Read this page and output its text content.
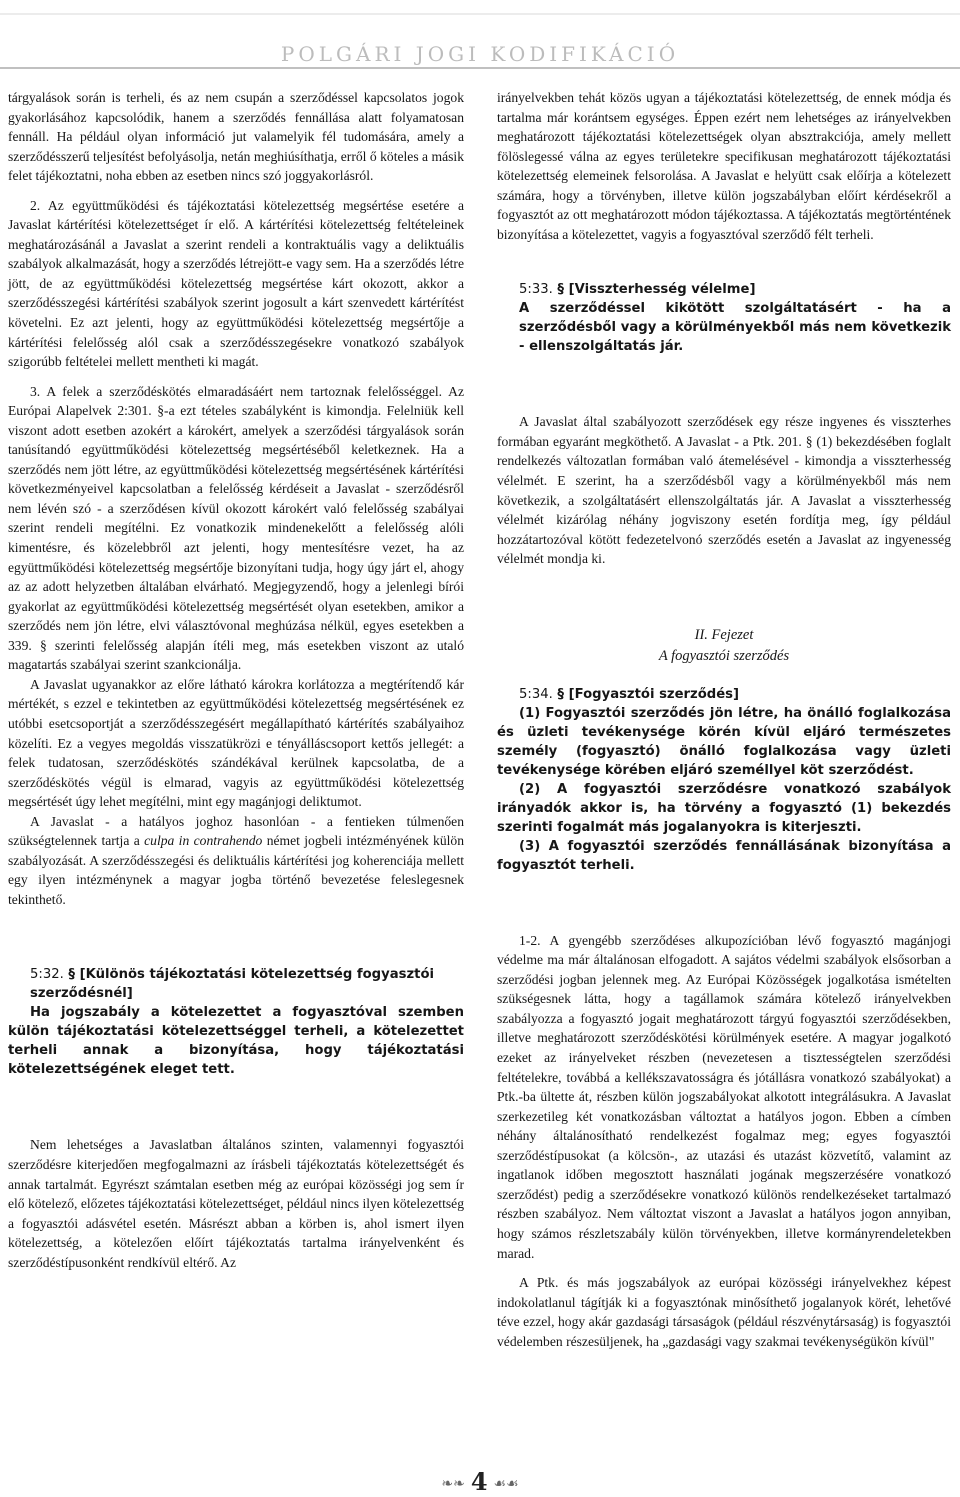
POLGÁRI JOGI KODIFIKÁCIÓ

tárgyalások során is terheli, és az nem csupán a szerződéssel kapcsolatos jogok gyakorlásához kapcsolódik, hanem a szerződés fennállása alatt folyamatosan fennáll. Ha például olyan információ jut valamelyik fél tudomására, amely a szerződésszerű teljesítést befolyásolja, netán meghiúsíthatja, erről ő köteles a másik felet tájékoztatni, noha ebben az esetben nincs szó joggyakorlásról.

2. Az együttműködési és tájékoztatási kötelezettség megsértése esetére a Javaslat kártérítési kötelezettséget ír elő. A kártérítési kötelezettség feltételeinek meghatározásánál a Javaslat a szerint rendeli a kontraktuális vagy a deliktuális szabályok alkalmazását, hogy a szerződés létrejött-e vagy sem. Ha a szerződés létre jött, de az együttműködési kötelezettség megsértése kárt okozott, akkor a szerződésszegési kártérítési szabályok szerint jogosult a kárt szenvedett kártérítést követelni. Ez azt jelenti, hogy az együttműködési kötelezettség megsértője a kártérítési felelősség alól csak a szerződésszegésekre vonatkozó szabályok szigorúbb feltételei mellett mentheti ki magát.

3. A felek a szerződéskötés elmaradásáért nem tartoznak felelősséggel. Az Európai Alapelvek 2:301. §-a ezt tételes szabályként is kimondja. Felelniük kell viszont adott esetben azokért a károkért, amelyek a szerződési tárgyalások során tanúsítandó együttműködési kötelezettség megsértéséből keletkeznek. Ha a szerződés nem jött létre, az együttműködési kötelezettség megsértésének kártérítési következményeivel kapcsolatban a felelősség kérdéseit a Javaslat - szerződésről nem lévén szó - a szerződésen kívül okozott károkért való felelősség szabályai szerint rendeli megítélni. Ez vonatkozik mindenekelőtt a felelősség alóli kimentésre, és közelebbről azt jelenti, hogy mentesítésre vezet, ha az együttműködési kötelezettség megsértője bizonyítani tudja, hogy úgy járt el, ahogy az az adott helyzetben általában elvárható. Megjegyzendő, hogy a jelenlegi bírói gyakorlat az együttműködési kötelezettség megsértését olyan esetekben, amikor a szerződés nem jön létre, elvi választóvonal meghúzása nélkül, egyes esetekben a 339. § szerinti felelősség alapján ítéli meg, más esetekben viszont az utaló magatartás szabályai szerint szankcionálja.

A Javaslat ugyanakkor az előre látható károkra korlátozza a megtérítendő kár mértékét, s ezzel e tekintetben az együttműködési kötelezettség megsértésének ez utóbbi esetcsoportját a szerződésszegésért megállapítható kártérítés szabályaihoz közelíti. Ez a vegyes megoldás visszatükrözi e tényálláscsoport kettős jellegét: a felek tudatosan, szerződéskötés szándékával kerülnek kapcsolatba, de a szerződéskötés végül is elmarad, vagyis az együttműködési kötelezettség megsértését úgy lehet megítélni, mint egy magánjogi deliktumot.

A Javaslat - a hatályos joghoz hasonlóan - a fentieken túlmenően szükségtelennek tartja a culpa in contrahendo német jogbeli intézményének külön szabályozását. A szerződésszegési és deliktuális kártérítési jog koherenciája mellett egy ilyen intézménynek a magyar jogba történő bevezetése feleslegesnek tekinthető.

5:32. § [Különös tájékoztatási kötelezettség fogyasztói szerződésnél]

Ha jogszabály a kötelezettet a fogyasztóval szemben külön tájékoztatási kötelezettséggel terheli, a kötelezettet terheli annak a bizonyítása, hogy tájékoztatási kötelezettségének eleget tett.

Nem lehetséges a Javaslatban általános szinten, valamennyi fogyasztói szerződésre kiterjedően megfogalmazni az írásbeli tájékoztatás kötelezettségét és annak tartalmát. Egyrészt számtalan esetben még az európai közösségi jog sem ír elő kötelező, előzetes tájékoztatási kötelezettséget, például nincs ilyen kötelezettség a fogyasztói adásvétel esetén. Másrészt abban a körben is, ahol ismert ilyen kötelezettség, a kötelezően előírt tájékoztatás tartalma irányelvenként és szerződéstípusonként rendkívül eltérő. Az

irányelvekben tehát közös ugyan a tájékoztatási kötelezettség, de ennek módja és tartalma már korántsem egységes. Éppen ezért nem lehetséges az irányelvekben meghatározott tájékoztatási kötelezettségek olyan absztrakciója, amely mellett fölöslegessé válna az egyes területekre specifikusan meghatározott tájékoztatási kötelezettség elemeinek felsorolása. A Javaslat e helyütt csak előírja a kötelezett számára, hogy a törvényben, illetve külön jogszabályban előírt kérdésekről a fogyasztót az ott meghatározott módon tájékoztassa. A tájékoztatás megtörténtének bizonyítása a kötelezettet, vagyis a fogyasztóval szerződő félt terheli.

5:33. § [Visszterhesség vélelme]

A szerződéssel kikötött szolgáltatásért - ha a szerződésből vagy a körülményekből más nem következik - ellenszolgáltatás jár.

A Javaslat által szabályozott szerződések egy része ingyenes és visszterhes formában egyaránt megköthető. A Javaslat - a Ptk. 201. § (1) bekezdésében foglalt rendelkezés változatlan formában való átemelésével - kimondja a visszterhesség vélelmét. E szerint, ha a szerződésből vagy a körülményekből más nem következik, a szolgáltatásért ellenszolgáltatás jár. A Javaslat a visszterhesség vélelmét kizárólag néhány jogviszony esetén fordítja meg, így például hozzátartozóval kötött fedezetelvonó szerződés esetén a Javaslat az ingyenesség vélelmét mondja ki.

II. Fejezet

A fogyasztói szerződés

5:34. § [Fogyasztói szerződés]

(1) Fogyasztói szerződés jön létre, ha önálló foglalkozása és üzleti tevékenysége körén kívül eljáró természetes személy (fogyasztó) önálló foglalkozása vagy üzleti tevékenysége körében eljáró személlyel köt szerződést.

(2) A fogyasztói szerződésre vonatkozó szabályok irányadók akkor is, ha törvény a fogyasztó (1) bekezdés szerinti fogalmát más jogalanyokra is kiterjeszti.

(3) A fogyasztói szerződés fennállásának bizonyítása a fogyasztót terheli.

1-2. A gyengébb szerződéses alkupozícióban lévő fogyasztó magánjogi védelme ma már általánosan elfogadott. A sajátos védelmi szabályok elsősorban a szerződési jogban jelennek meg. Az Európai Közösségek jogalkotása ismételten szükségesnek látta, hogy a tagállamok számára kötelező irányelvekben szabályozza a fogyasztó jogait meghatározott tárgyú fogyasztói szerződésekben, illetve meghatározott szerződéskötési körülmények esetére. A magyar jogalkotó ezeket az irányelveket részben (nevezetesen a tisztességtelen szerződési feltételekre, továbbá a kellékszavatosságra és jótállásra vonatkozó szabályokat) a Ptk.-ba ültette át, részben külön jogszabályokat alkotott integrálásukra. A Javaslat szerkezetileg két vonatkozásban változtat a hatályos jogon. Ebben a címben néhány általánosítható rendelkezést fogalmaz meg; egyes fogyasztói szerződéstípusokat (a kölcsön-, az utazási és utazást közvetítő, valamint az ingatlanok időben megosztott használati jogának megszerzésére vonatkozó szerződést) pedig a szerződésekre vonatkozó különös rendelkezéseket tartalmazó részben szabályoz. Nem változtat viszont a Javaslat a hatályos jogon annyiban, hogy számos részletszabály külön törvényekben, illetve kormányrendeletekben marad.

A Ptk. és más jogszabályok az európai közösségi irányelvekhez képest indokolatlanul tágítják ki a fogyasztónak minősíthető jogalanyok körét, lehetővé téve ezzel, hogy akár gazdasági társaságok (például részvénytársaság) is fogyasztói védelemben részesüljenek, ha „gazdasági vagy szakmai tevékenységükön kívül"

❧❧ 4 ☙☙
